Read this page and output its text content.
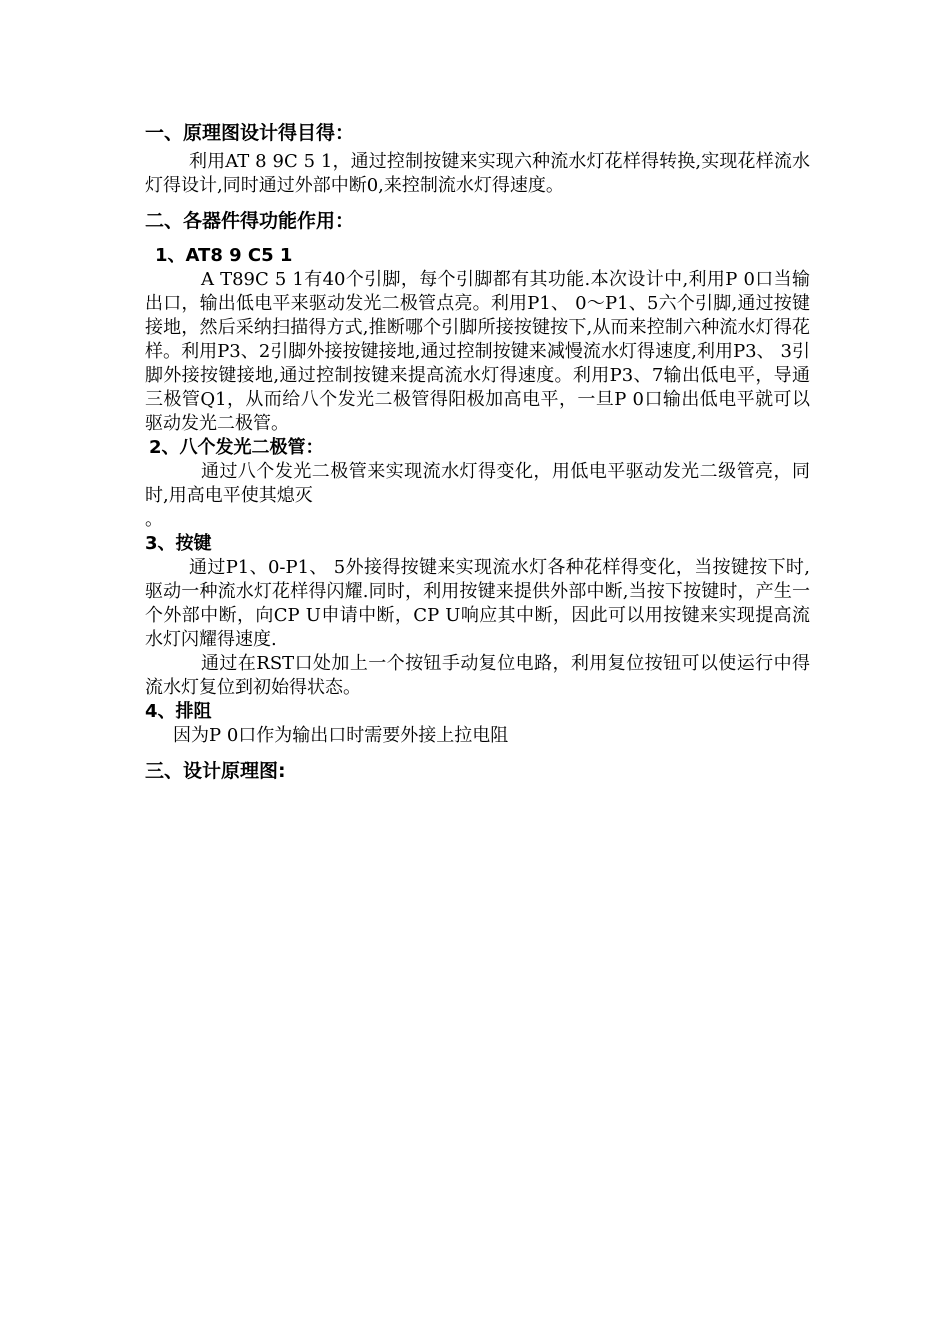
一、原理图设计得目得：

利用AT 8 9C 5 1，通过控制按键来实现六种流水灯花样得转换,实现花样流水灯得设计,同时通过外部中断0,来控制流水灯得速度。

二、各器件得功能作用：
1、AT8 9 C5 1

A T89C 5 1有40个引脚，每个引脚都有其功能.本次设计中,利用P 0口当输出口，输出低电平来驱动发光二极管点亮。利用P1、 0～P1、5六个引脚,通过按键接地，然后采纳扫描得方式,推断哪个引脚所接按键按下,从而来控制六种流水灯得花样。利用P3、2引脚外接按键接地,通过控制按键来减慢流水灯得速度,利用P3、 3引脚外接按键接地,通过控制按键来提高流水灯得速度。利用P3、7输出低电平，导通三极管Q1，从而给八个发光二极管得阳极加高电平，一旦P 0口输出低电平就可以驱动发光二极管。

2、八个发光二极管：

通过八个发光二极管来实现流水灯得变化，用低电平驱动发光二级管亮，同时,用高电平使其熄灭

。

3、按键

通过P1、0-P1、 5外接得按键来实现流水灯各种花样得变化，当按键按下时,驱动一种流水灯花样得闪耀.同时，利用按键来提供外部中断,当按下按键时，产生一个外部中断，向CP U申请中断，CP U响应其中断，因此可以用按键来实现提高流水灯闪耀得速度.

通过在RST口处加上一个按钮手动复位电路，利用复位按钮可以使运行中得流水灯复位到初始得状态。

4、排阻

因为P 0口作为输出口时需要外接上拉电阻

三、设计原理图:
